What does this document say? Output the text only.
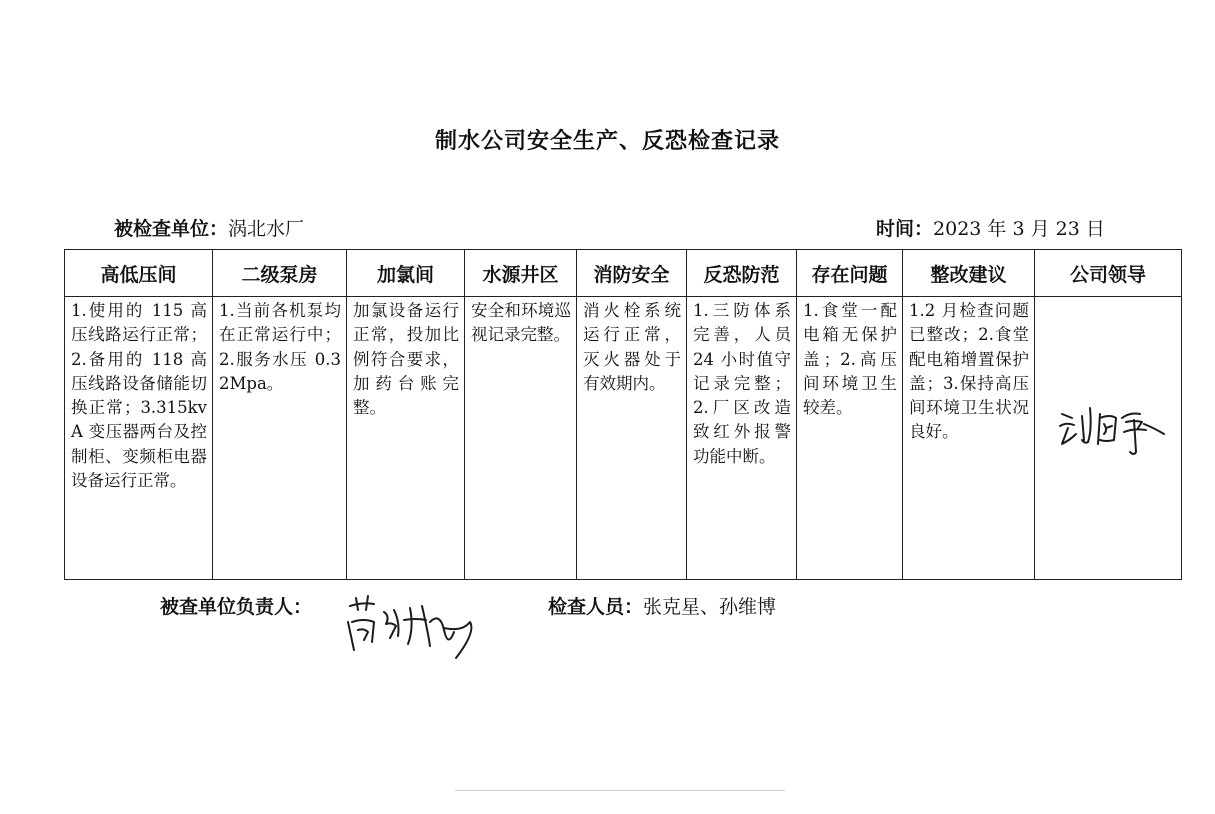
制水公司安全生产、反恐检查记录
被检查单位：涡北水厂	时间：2023 年 3 月 23 日
高低压间	二级泵房	加氯间	水源井区	消防安全	反恐防范	存在问题	整改建议	公司领导
1.使用的 115 高压线路运行正常；2.备用的 118 高压线路设备储能切换正常；3.315kvA 变压器两台及控制柜、变频柜电器设备运行正常。	1.当前各机泵均在正常运行中；2.服务水压 0.32Mpa。	加氯设备运行正常，投加比例符合要求，加药台账完整。	安全和环境巡视记录完整。	消火栓系统运行正常，灭火器处于有效期内。	1.三防体系完善，人员 24 小时值守记录完整；2.厂区改造致红外报警功能中断。	1.食堂一配电箱无保护盖；2.高压间环境卫生较差。	1.2 月检查问题已整改；2.食堂配电箱增置保护盖；3.保持高压间环境卫生状况良好。	
被查单位负责人：	检查人员：张克星、孙维博
